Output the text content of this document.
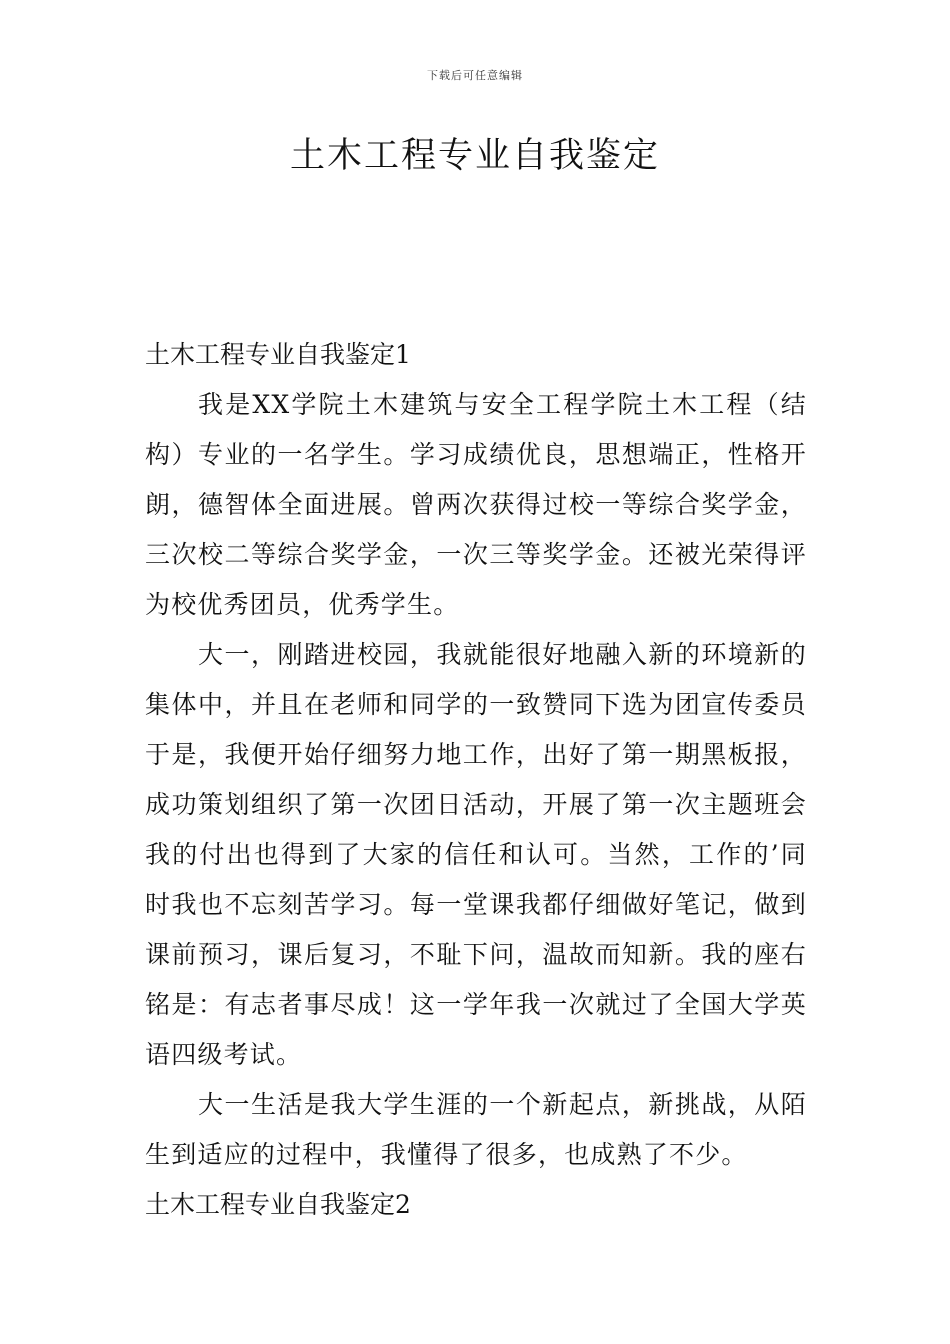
下载后可任意编辑
土木工程专业自我鉴定
土木工程专业自我鉴定1

我是XX学院土木建筑与安全工程学院土木工程（结构）专业的一名学生。学习成绩优良，思想端正，性格开朗，德智体全面进展。曾两次获得过校一等综合奖学金，三次校二等综合奖学金，一次三等奖学金。还被光荣得评为校优秀团员，优秀学生。

大一，刚踏进校园，我就能很好地融入新的环境新的集体中，并且在老师和同学的一致赞同下选为团宣传委员于是，我便开始仔细努力地工作，出好了第一期黑板报，成功策划组织了第一次团日活动，开展了第一次主题班会我的付出也得到了大家的信任和认可。当然，工作的’同时我也不忘刻苦学习。每一堂课我都仔细做好笔记，做到课前预习，课后复习，不耻下问，温故而知新。我的座右铭是：有志者事尽成！这一学年我一次就过了全国大学英语四级考试。

大一生活是我大学生涯的一个新起点，新挑战，从陌生到适应的过程中，我懂得了很多，也成熟了不少。

土木工程专业自我鉴定2
